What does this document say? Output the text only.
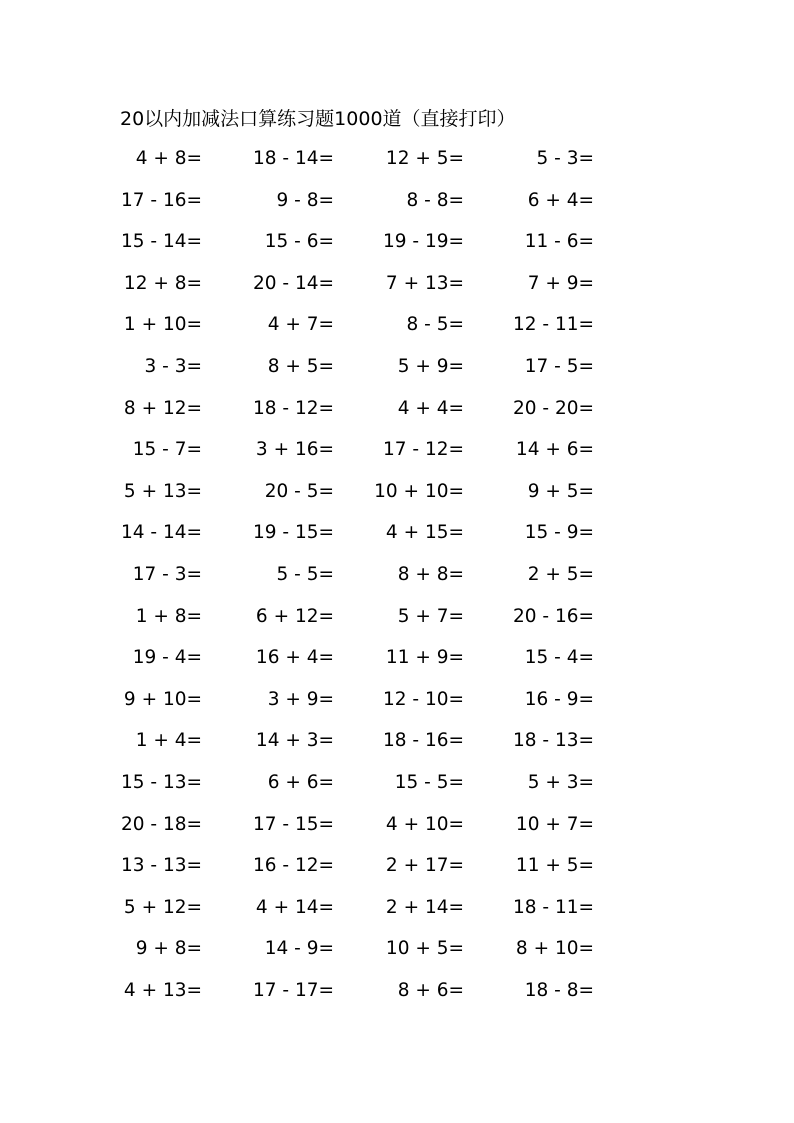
20以内加减法口算练习题1000道（直接打印）
4 + 8=	18 - 14=	12 + 5=	5 - 3=
17 - 16=	9 - 8=	8 - 8=	6 + 4=
15 - 14=	15 - 6=	19 - 19=	11 - 6=
12 + 8=	20 - 14=	7 + 13=	7 + 9=
1 + 10=	4 + 7=	8 - 5=	12 - 11=
3 - 3=	8 + 5=	5 + 9=	17 - 5=
8 + 12=	18 - 12=	4 + 4=	20 - 20=
15 - 7=	3 + 16=	17 - 12=	14 + 6=
5 + 13=	20 - 5=	10 + 10=	9 + 5=
14 - 14=	19 - 15=	4 + 15=	15 - 9=
17 - 3=	5 - 5=	8 + 8=	2 + 5=
1 + 8=	6 + 12=	5 + 7=	20 - 16=
19 - 4=	16 + 4=	11 + 9=	15 - 4=
9 + 10=	3 + 9=	12 - 10=	16 - 9=
1 + 4=	14 + 3=	18 - 16=	18 - 13=
15 - 13=	6 + 6=	15 - 5=	5 + 3=
20 - 18=	17 - 15=	4 + 10=	10 + 7=
13 - 13=	16 - 12=	2 + 17=	11 + 5=
5 + 12=	4 + 14=	2 + 14=	18 - 11=
9 + 8=	14 - 9=	10 + 5=	8 + 10=
4 + 13=	17 - 17=	8 + 6=	18 - 8=
